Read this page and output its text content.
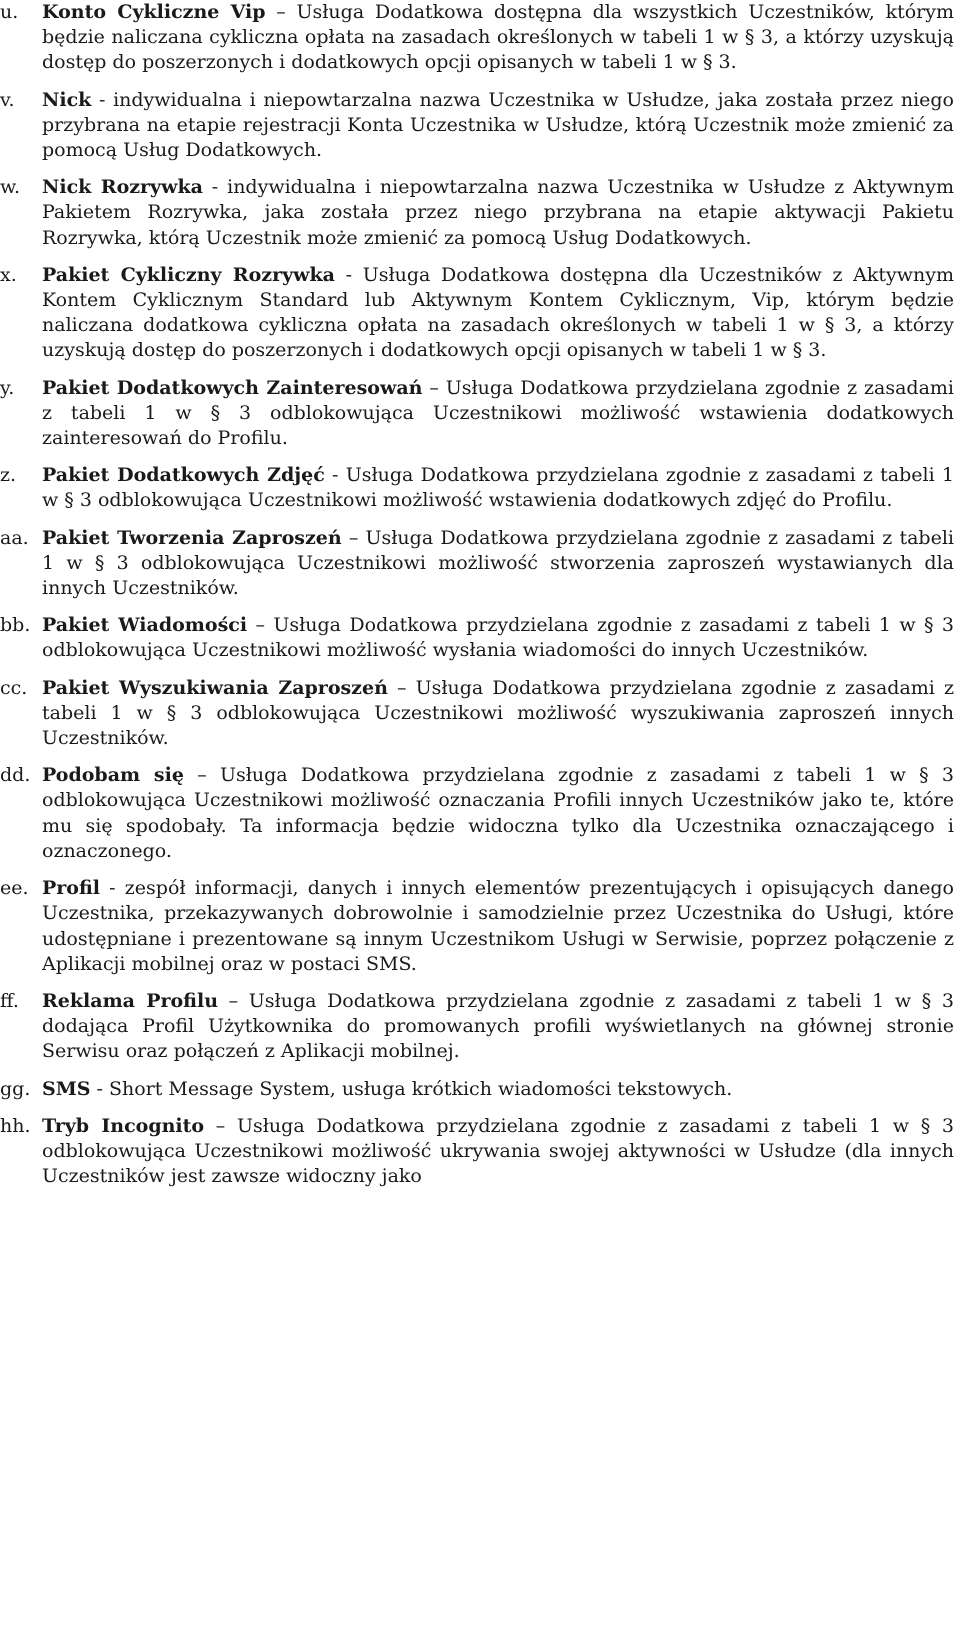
u. Konto Cykliczne Vip – Usługa Dodatkowa dostępna dla wszystkich Uczestników, którym będzie naliczana cykliczna opłata na zasadach określonych w tabeli 1 w § 3, a którzy uzyskują dostęp do poszerzonych i dodatkowych opcji opisanych w tabeli 1 w § 3.
v. Nick - indywidualna i niepowtarzalna nazwa Uczestnika w Usłudze, jaka została przez niego przybrana na etapie rejestracji Konta Uczestnika w Usłudze, którą Uczestnik może zmienić za pomocą Usług Dodatkowych.
w. Nick Rozrywka - indywidualna i niepowtarzalna nazwa Uczestnika w Usłudze z Aktywnym Pakietem Rozrywka, jaka została przez niego przybrana na etapie aktywacji Pakietu Rozrywka, którą Uczestnik może zmienić za pomocą Usług Dodatkowych.
x. Pakiet Cykliczny Rozrywka - Usługa Dodatkowa dostępna dla Uczestników z Aktywnym Kontem Cyklicznym Standard lub Aktywnym Kontem Cyklicznym, Vip, którym będzie naliczana dodatkowa cykliczna opłata na zasadach określonych w tabeli 1 w § 3, a którzy uzyskują dostęp do poszerzonych i dodatkowych opcji opisanych w tabeli 1 w § 3.
y. Pakiet Dodatkowych Zainteresowań – Usługa Dodatkowa przydzielana zgodnie z zasadami z tabeli 1 w § 3 odblokowująca Uczestnikowi możliwość wstawienia dodatkowych zainteresowań do Profilu.
z. Pakiet Dodatkowych Zdjęć - Usługa Dodatkowa przydzielana zgodnie z zasadami z tabeli 1 w § 3 odblokowująca Uczestnikowi możliwość wstawienia dodatkowych zdjęć do Profilu.
aa. Pakiet Tworzenia Zaproszeń – Usługa Dodatkowa przydzielana zgodnie z zasadami z tabeli 1 w § 3 odblokowująca Uczestnikowi możliwość stworzenia zaproszeń wystawianych dla innych Uczestników.
bb. Pakiet Wiadomości – Usługa Dodatkowa przydzielana zgodnie z zasadami z tabeli 1 w § 3 odblokowująca Uczestnikowi możliwość wysłania wiadomości do innych Uczestników.
cc. Pakiet Wyszukiwania Zaproszeń – Usługa Dodatkowa przydzielana zgodnie z zasadami z tabeli 1 w § 3 odblokowująca Uczestnikowi możliwość wyszukiwania zaproszeń innych Uczestników.
dd. Podobam się – Usługa Dodatkowa przydzielana zgodnie z zasadami z tabeli 1 w § 3 odblokowująca Uczestnikowi możliwość oznaczania Profili innych Uczestników jako te, które mu się spodobały. Ta informacja będzie widoczna tylko dla Uczestnika oznaczającego i oznaczonego.
ee. Profil - zespół informacji, danych i innych elementów prezentujących i opisujących danego Uczestnika, przekazywanych dobrowolnie i samodzielnie przez Uczestnika do Usługi, które udostępniane i prezentowane są innym Uczestnikom Usługi w Serwisie, poprzez połączenie z Aplikacji mobilnej oraz w postaci SMS.
ff. Reklama Profilu – Usługa Dodatkowa przydzielana zgodnie z zasadami z tabeli 1 w § 3 dodająca Profil Użytkownika do promowanych profili wyświetlanych na głównej stronie Serwisu oraz połączeń z Aplikacji mobilnej.
gg. SMS - Short Message System, usługa krótkich wiadomości tekstowych.
hh. Tryb Incognito – Usługa Dodatkowa przydzielana zgodnie z zasadami z tabeli 1 w § 3 odblokowująca Uczestnikowi możliwość ukrywania swojej aktywności w Usłudze (dla innych Uczestników jest zawsze widoczny jako
